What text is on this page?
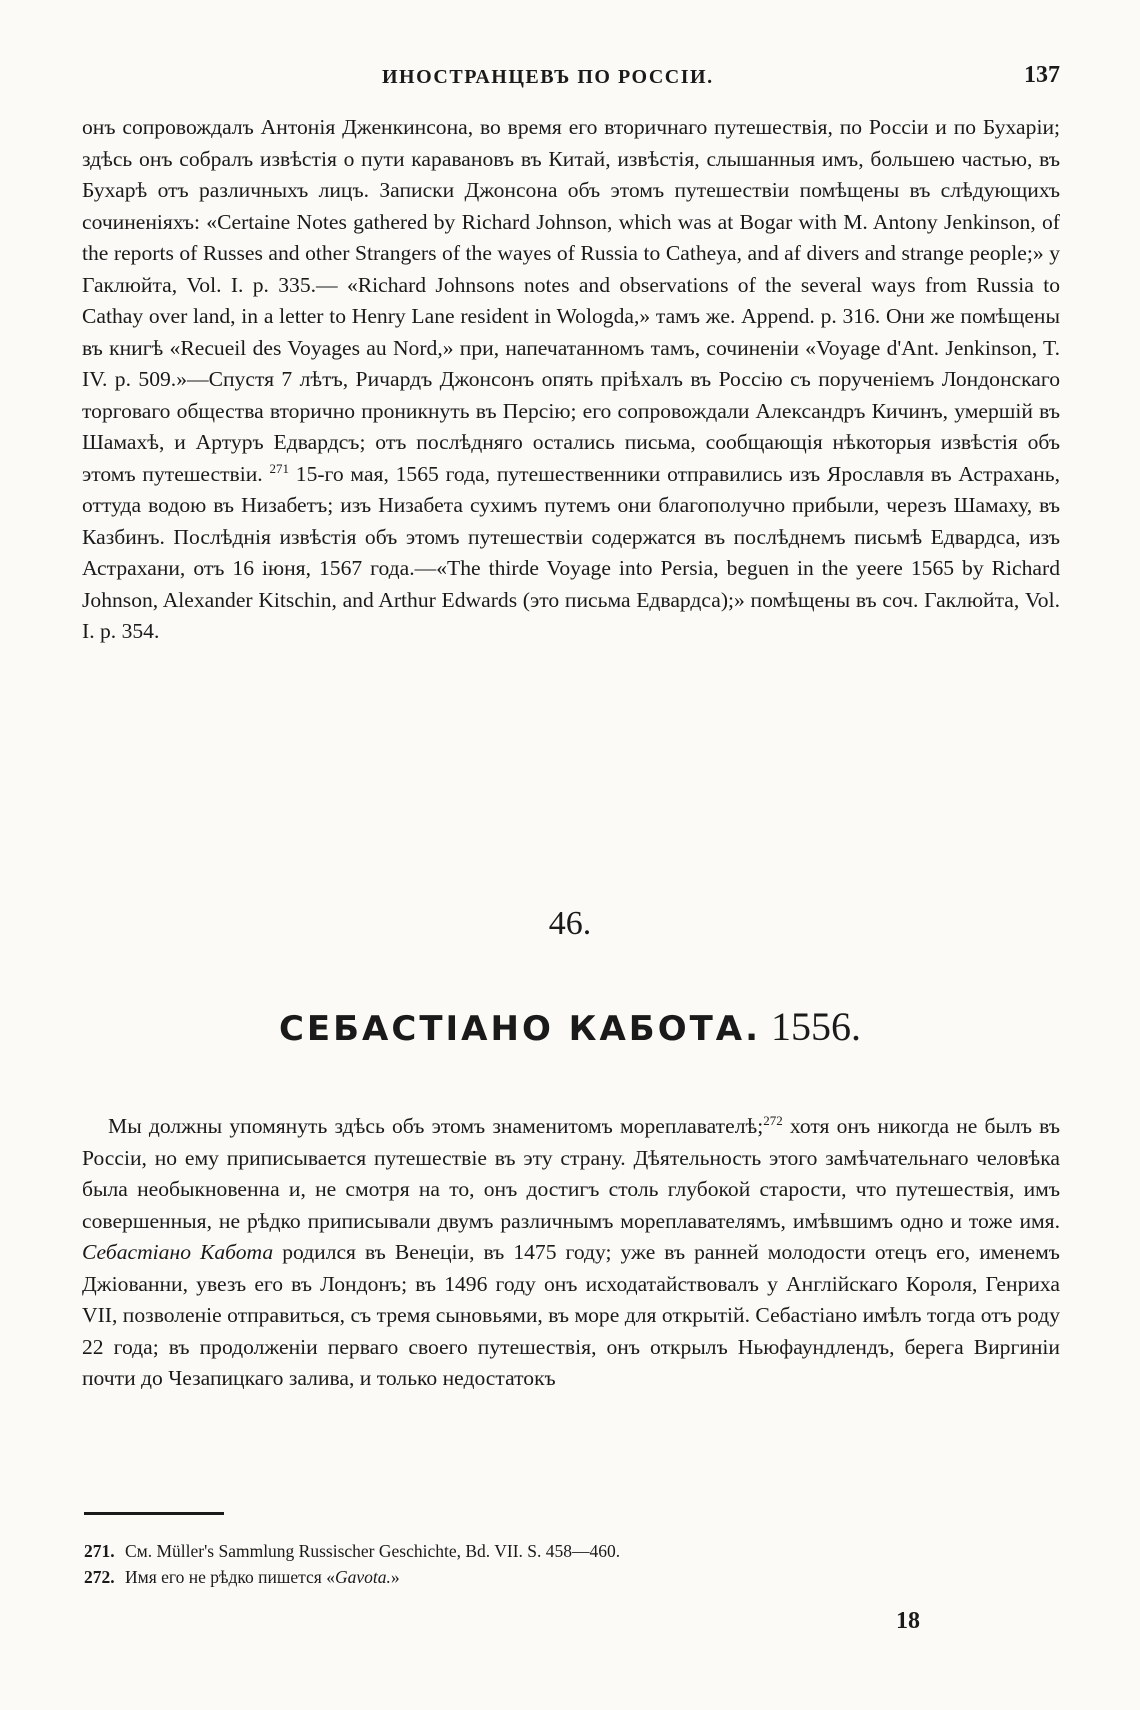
ИНОСТРАНЦЕВЪ ПО РОССІИ.	137

онъ сопровождалъ Антонія Дженкинсона, во время его вторичнаго путешествія, по Россіи и по Бухаріи; здѣсь онъ собралъ извѣстія о пути каравановъ въ Китай, извѣстія, слышанныя имъ, большею частью, въ Бухарѣ отъ различныхъ лицъ. Записки Джонсона объ этомъ путешествіи помѣщены въ слѣдующихъ сочиненіяхъ: «Certaine Notes gathered by Richard Johnson, which was at Bogar with M. Antony Jenkinson, of the reports of Russes and other Strangers of the wayes of Russia to Catheya, and af divers and strange people;» у Гаклюйта, Vol. I. p. 335.— «Richard Johnsons notes and observations of the several ways from Russia to Cathay over land, in a letter to Henry Lane resident in Wologda,» тамъ же. Append. p. 316. Они же помѣщены въ книгѣ «Recueil des Voyages au Nord,» при, напечатанномъ тамъ, сочиненіи «Voyage d'Ant. Jenkinson, T. IV. p. 509.»—Спустя 7 лѣтъ, Ричардъ Джонсонъ опять пріѣхалъ въ Россію съ порученіемъ Лондонскаго торговаго общества вторично проникнуть въ Персію; его сопровождали Александръ Кичинъ, умершій въ Шамахѣ, и Артуръ Едвардсъ; отъ послѣдняго остались письма, сообщающія нѣкоторыя извѣстія объ этомъ путешествіи. $^{271}$ 15-го мая, 1565 года, путешественники отправились изъ Ярославля въ Астрахань, оттуда водою въ Низабетъ; изъ Низабета сухимъ путемъ они благополучно прибыли, черезъ Шамаху, въ Казбинъ. Послѣднія извѣстія объ этомъ путешествіи содержатся въ послѣднемъ письмѣ Едвардса, изъ Астрахани, отъ 16 іюня, 1567 года.—«The thirde Voyage into Persia, beguen in the yeere 1565 by Richard Johnson, Alexander Kitschin, and Arthur Edwards (это письма Едвардса);» помѣщены въ соч. Гаклюйта, Vol. I. p. 354.

46.
СЕБАСТІАНО КАБОТА. 1556.

Мы должны упомянуть здѣсь объ этомъ знаменитомъ мореплавателѣ;$^{272}$ хотя онъ никогда не былъ въ Россіи, но ему приписывается путешествіе въ эту страну. Дѣятельность этого замѣчательнаго человѣка была необыкновенна и, не смотря на то, онъ достигъ столь глубокой старости, что путешествія, имъ совершенныя, не рѣдко приписывали двумъ различнымъ мореплавателямъ, имѣвшимъ одно и тоже имя. Себастіано Кабота родился въ Венеціи, въ 1475 году; уже въ ранней молодости отецъ его, именемъ Джіованни, увезъ его въ Лондонъ; въ 1496 году онъ исходатайствовалъ у Англійскаго Короля, Генриха VII, позволеніе отправиться, съ тремя сыновьями, въ море для открытій. Себастіано имѣлъ тогда отъ роду 22 года; въ продолженіи перваго своего путешествія, онъ открылъ Ньюфаундлендъ, берега Виргиніи почти до Чезапицкаго залива, и только недостатокъ

271. См. Müller's Sammlung Russischer Geschichte, Bd. VII. S. 458—460.
272. Имя его не рѣдко пишется «Gavota.»
18
